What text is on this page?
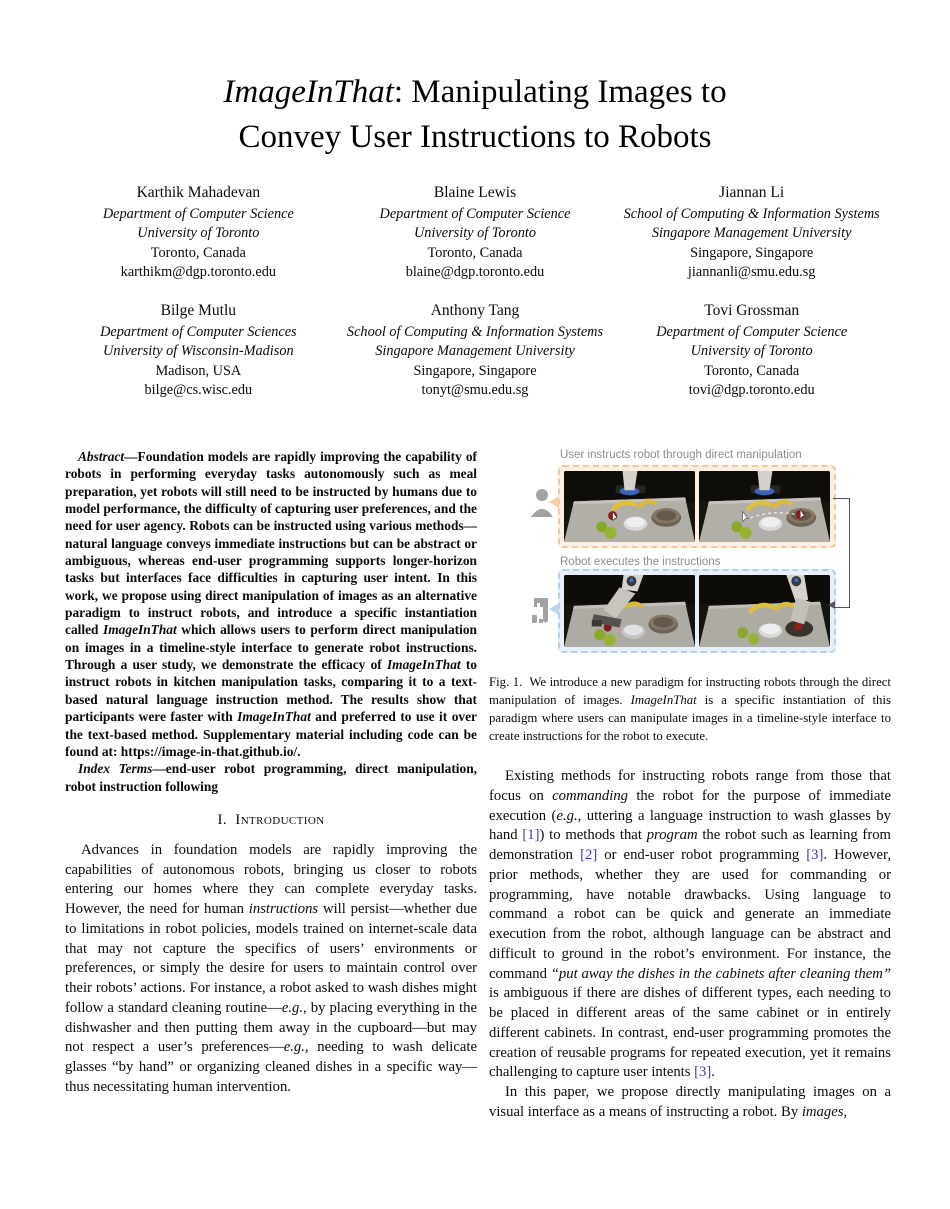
ImageInThat: Manipulating Images to
Convey User Instructions to Robots
Karthik Mahadevan
Department of Computer Science
University of Toronto
Toronto, Canada
karthikm@dgp.toronto.edu
Blaine Lewis
Department of Computer Science
University of Toronto
Toronto, Canada
blaine@dgp.toronto.edu
Jiannan Li
School of Computing & Information Systems
Singapore Management University
Singapore, Singapore
jiannanli@smu.edu.sg
Bilge Mutlu
Department of Computer Sciences
University of Wisconsin-Madison
Madison, USA
bilge@cs.wisc.edu
Anthony Tang
School of Computing & Information Systems
Singapore Management University
Singapore, Singapore
tonyt@smu.edu.sg
Tovi Grossman
Department of Computer Science
University of Toronto
Toronto, Canada
tovi@dgp.toronto.edu

Abstract—Foundation models are rapidly improving the capability of robots in performing everyday tasks autonomously such as meal preparation, yet robots will still need to be instructed by humans due to model performance, the difficulty of capturing user preferences, and the need for user agency. Robots can be instructed using various methods—natural language conveys immediate instructions but can be abstract or ambiguous, whereas end-user programming supports longer-horizon tasks but interfaces face difficulties in capturing user intent. In this work, we propose using direct manipulation of images as an alternative paradigm to instruct robots, and introduce a specific instantiation called ImageInThat which allows users to perform direct manipulation on images in a timeline-style interface to generate robot instructions. Through a user study, we demonstrate the efficacy of ImageInThat to instruct robots in kitchen manipulation tasks, comparing it to a text-based natural language instruction method. The results show that participants were faster with ImageInThat and preferred to use it over the text-based method. Supplementary material including code can be found at: https://image-in-that.github.io/.

Index Terms—end-user robot programming, direct manipulation, robot instruction following

I.  Introduction

Advances in foundation models are rapidly improving the capabilities of autonomous robots, bringing us closer to robots entering our homes where they can complete everyday tasks. However, the need for human instructions will persist—whether due to limitations in robot policies, models trained on internet-scale data that may not capture the specifics of users’ environments or preferences, or simply the desire for users to maintain control over their robots’ actions. For instance, a robot asked to wash dishes might follow a standard cleaning routine—e.g., by placing everything in the dishwasher and then putting them away in the cupboard—but may not respect a user’s preferences—e.g., needing to wash delicate glasses “by hand” or organizing cleaned dishes in a specific way—thus necessitating human intervention.

User instructs robot through direct manipulation
Robot executes the instructions

Fig. 1.  We introduce a new paradigm for instructing robots through the direct manipulation of images. ImageInThat is a specific instantiation of this paradigm where users can manipulate images in a timeline-style interface to create instructions for the robot to execute.

Existing methods for instructing robots range from those that focus on commanding the robot for the purpose of immediate execution (e.g., uttering a language instruction to wash glasses by hand [1]) to methods that program the robot such as learning from demonstration [2] or end-user robot programming [3]. However, prior methods, whether they are used for commanding or programming, have notable drawbacks. Using language to command a robot can be quick and generate an immediate execution from the robot, although language can be abstract and difficult to ground in the robot’s environment. For instance, the command “put away the dishes in the cabinets after cleaning them” is ambiguous if there are dishes of different types, each needing to be placed in different areas of the same cabinet or in entirely different cabinets. In contrast, end-user programming promotes the creation of reusable programs for repeated execution, yet it remains challenging to capture user intents [3].

In this paper, we propose directly manipulating images on a visual interface as a means of instructing a robot. By images,
